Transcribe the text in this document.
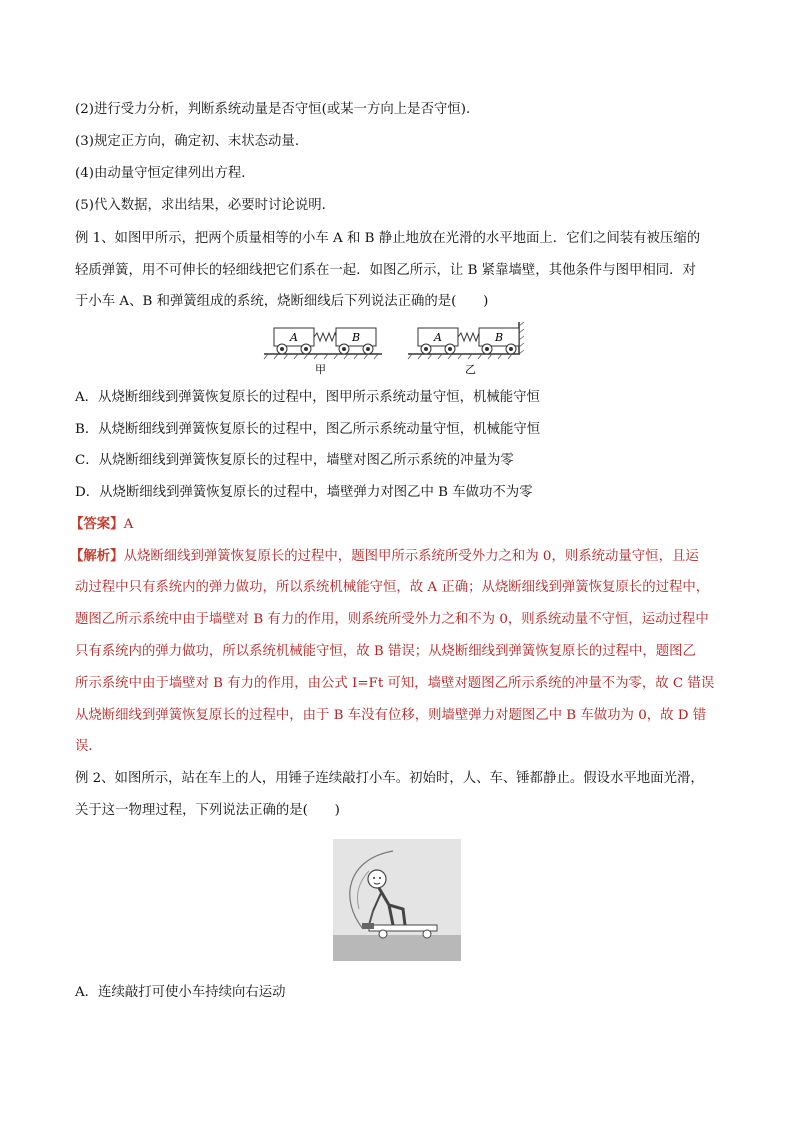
(2)进行受力分析，判断系统动量是否守恒(或某一方向上是否守恒)．
(3)规定正方向，确定初、末状态动量．
(4)由动量守恒定律列出方程．
(5)代入数据，求出结果，必要时讨论说明．
例 1、如图甲所示，把两个质量相等的小车 A 和 B 静止地放在光滑的水平地面上．它们之间装有被压缩的
轻质弹簧，用不可伸长的轻细线把它们系在一起．如图乙所示，让 B 紧靠墙壁，其他条件与图甲相同．对
于小车 A、B 和弹簧组成的系统，烧断细线后下列说法正确的是(　　)
A	B
甲
A	B
乙
A．从烧断细线到弹簧恢复原长的过程中，图甲所示系统动量守恒，机械能守恒
B．从烧断细线到弹簧恢复原长的过程中，图乙所示系统动量守恒，机械能守恒
C．从烧断细线到弹簧恢复原长的过程中，墙壁对图乙所示系统的冲量为零
D．从烧断细线到弹簧恢复原长的过程中，墙壁弹力对图乙中 B 车做功不为零
【答案】A
【解析】从烧断细线到弹簧恢复原长的过程中，题图甲所示系统所受外力之和为 0，则系统动量守恒，且运
动过程中只有系统内的弹力做功，所以系统机械能守恒，故 A 正确；从烧断细线到弹簧恢复原长的过程中，
题图乙所示系统中由于墙壁对 B 有力的作用，则系统所受外力之和不为 0，则系统动量不守恒，运动过程中
只有系统内的弹力做功，所以系统机械能守恒，故 B 错误；从烧断细线到弹簧恢复原长的过程中，题图乙
所示系统中由于墙壁对 B 有力的作用，由公式 I=Ft 可知，墙壁对题图乙所示系统的冲量不为零，故 C 错误
从烧断细线到弹簧恢复原长的过程中，由于 B 车没有位移，则墙壁弹力对题图乙中 B 车做功为 0，故 D 错
误．
例 2、如图所示，站在车上的人，用锤子连续敲打小车。初始时，人、车、锤都静止。假设水平地面光滑，
关于这一物理过程，下列说法正确的是(　　)
A．连续敲打可使小车持续向右运动
